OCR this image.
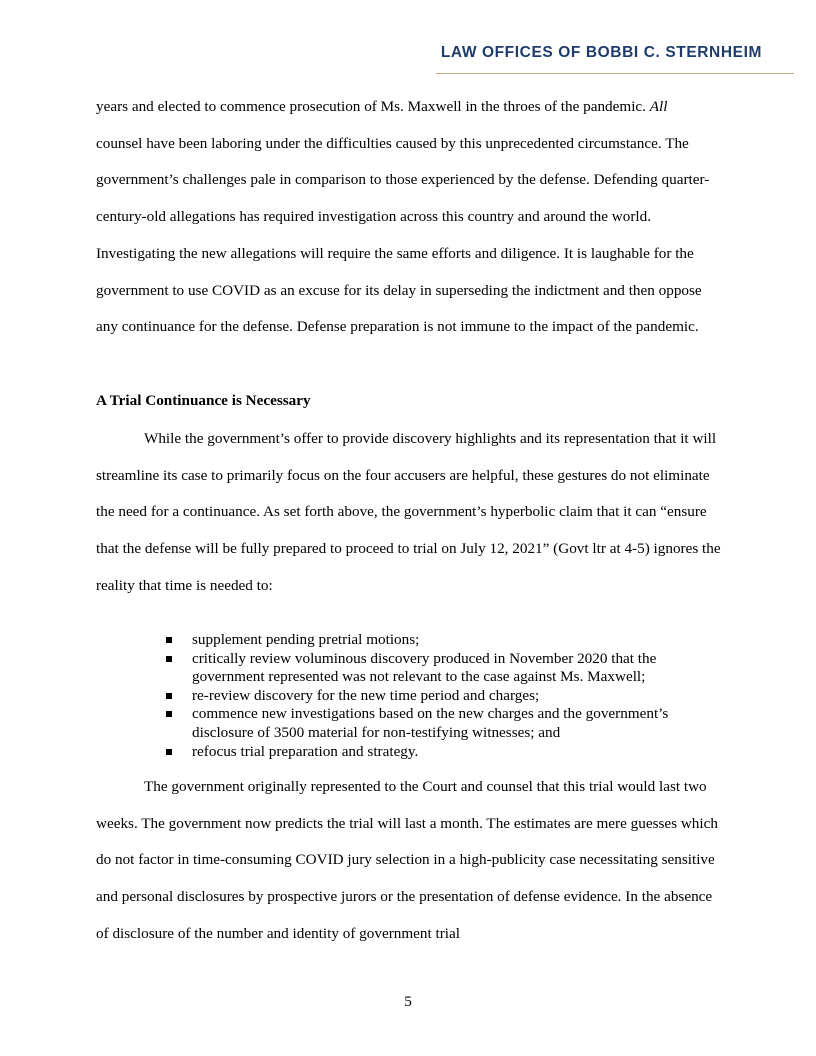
LAW OFFICES OF BOBBI C. STERNHEIM

years and elected to commence prosecution of Ms. Maxwell in the throes of the pandemic. All
counsel have been laboring under the difficulties caused by this unprecedented circumstance. The government’s challenges pale in comparison to those experienced by the defense. Defending quarter-century-old allegations has required investigation across this country and around the world. Investigating the new allegations will require the same efforts and diligence. It is laughable for the government to use COVID as an excuse for its delay in superseding the indictment and then oppose any continuance for the defense. Defense preparation is not immune to the impact of the pandemic.

A Trial Continuance is Necessary

While the government’s offer to provide discovery highlights and its representation that it will streamline its case to primarily focus on the four accusers are helpful, these gestures do not eliminate the need for a continuance. As set forth above, the government’s hyperbolic claim that it can “ensure that the defense will be fully prepared to proceed to trial on July 12, 2021” (Govt ltr at 4-5) ignores the reality that time is needed to:

supplement pending pretrial motions;
critically review voluminous discovery produced in November 2020 that the government represented was not relevant to the case against Ms. Maxwell;
re-review discovery for the new time period and charges;
commence new investigations based on the new charges and the government’s disclosure of 3500 material for non-testifying witnesses; and
refocus trial preparation and strategy.

The government originally represented to the Court and counsel that this trial would last two weeks. The government now predicts the trial will last a month. The estimates are mere guesses which do not factor in time-consuming COVID jury selection in a high-publicity case necessitating sensitive and personal disclosures by prospective jurors or the presentation of defense evidence. In the absence of disclosure of the number and identity of government trial

5
